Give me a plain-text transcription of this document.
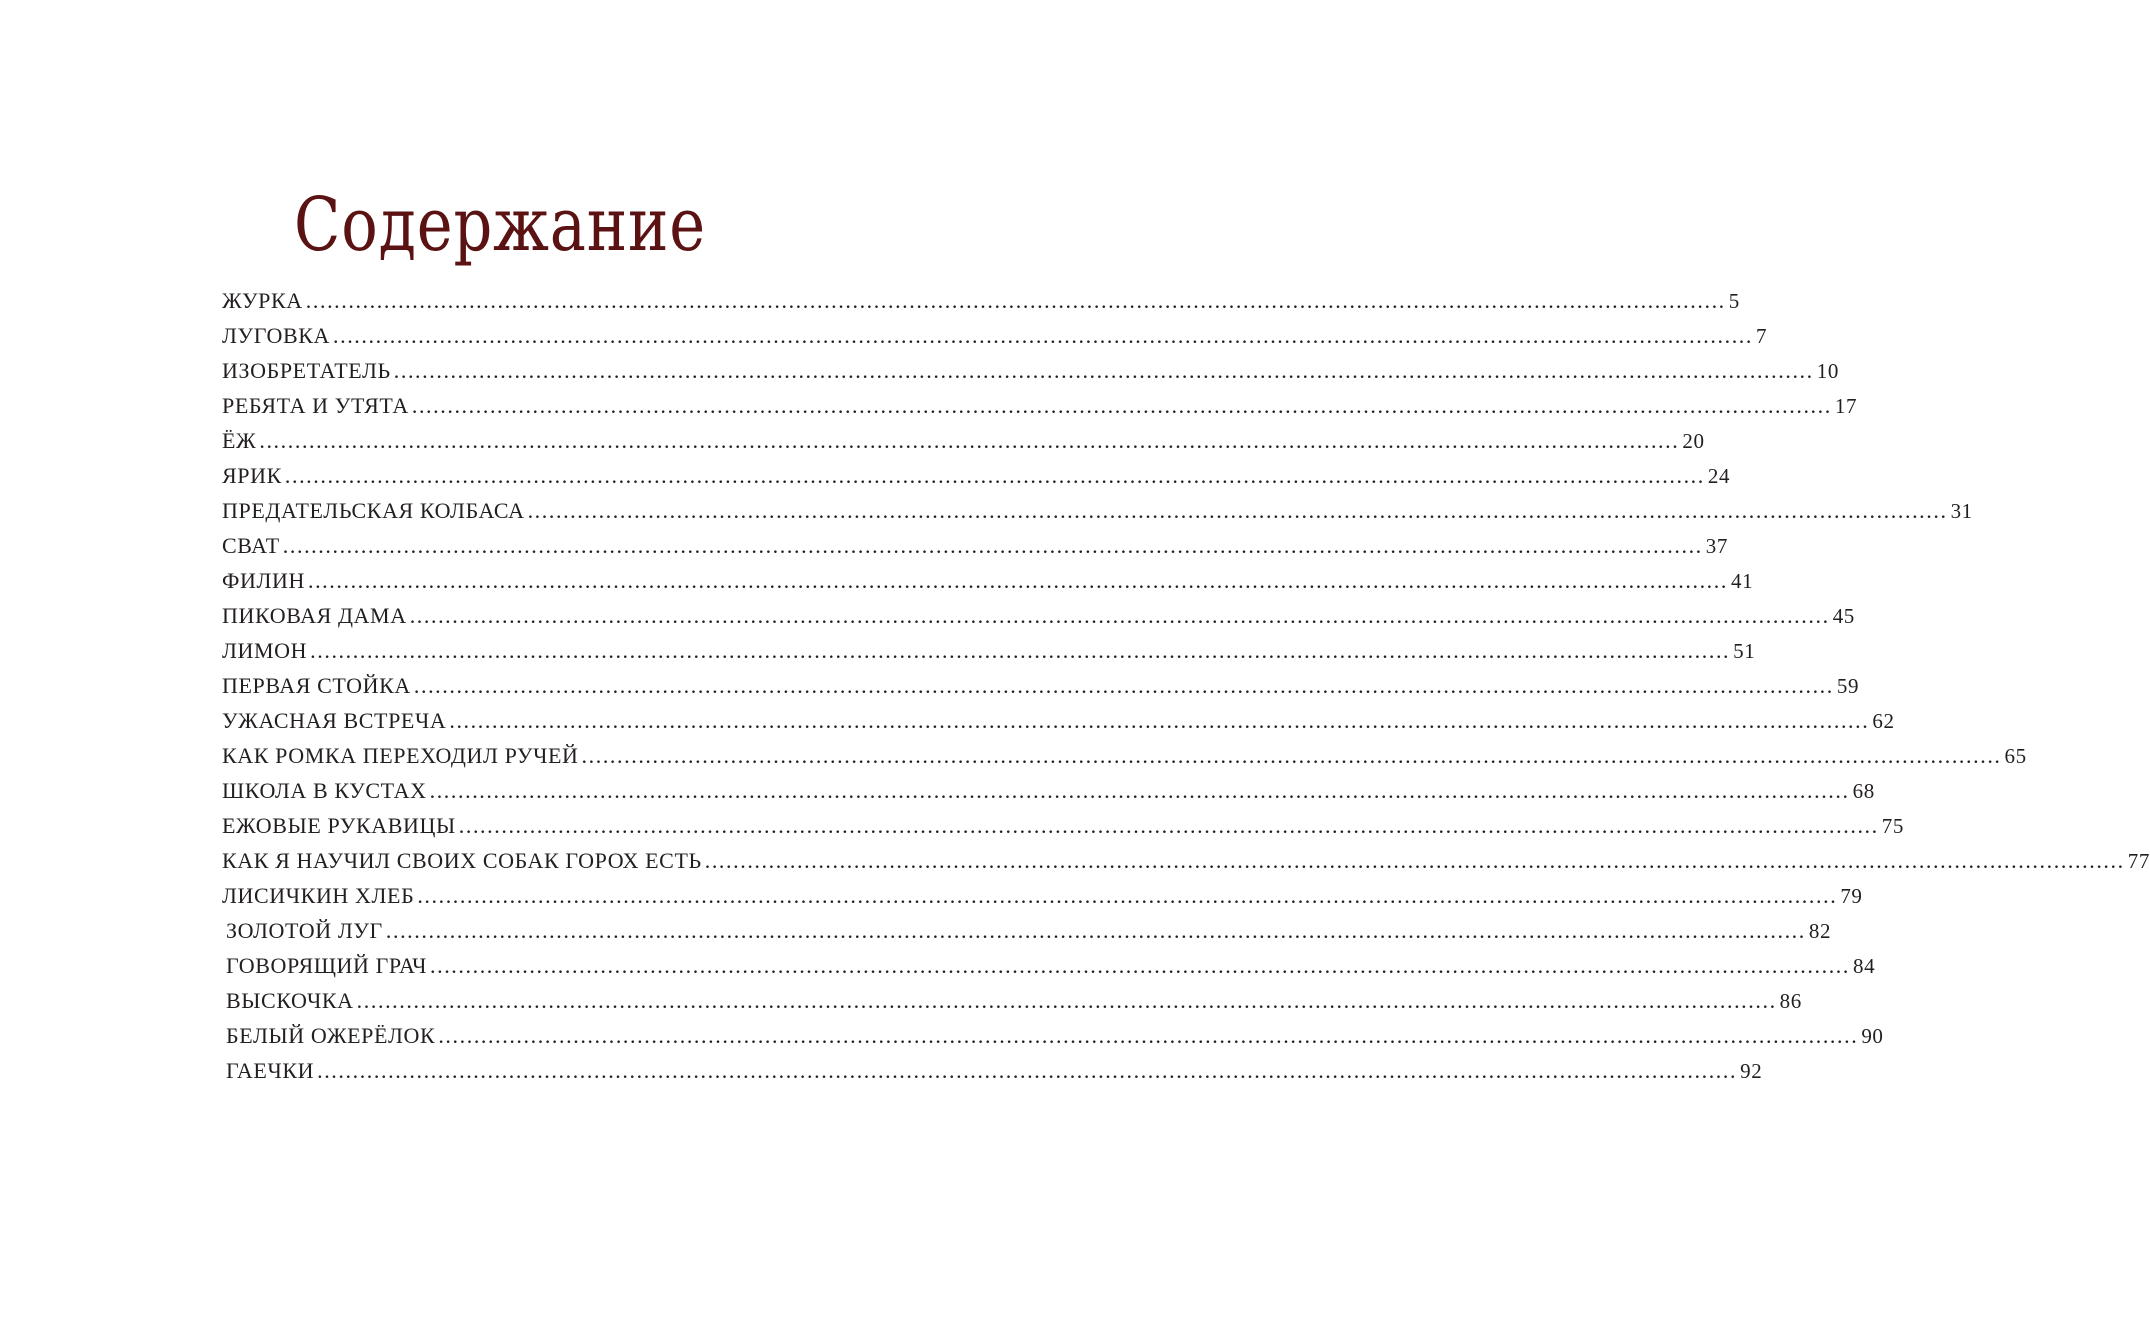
Содержание
ЖУРКА ........................................................................................................................................................................................................ 5
ЛУГОВКА ........................................................................................................................................................................................................ 7
ИЗОБРЕТАТЕЛЬ ........................................................................................................................................................................................................ 10
РЕБЯТА И УТЯТА ........................................................................................................................................................................................................ 17
ЁЖ ........................................................................................................................................................................................................ 20
ЯРИК ........................................................................................................................................................................................................ 24
ПРЕДАТЕЛЬСКАЯ КОЛБАСА ........................................................................................................................................................................................................ 31
СВАТ ........................................................................................................................................................................................................ 37
ФИЛИН ........................................................................................................................................................................................................ 41
ПИКОВАЯ ДАМА ........................................................................................................................................................................................................ 45
ЛИМОН ........................................................................................................................................................................................................ 51
ПЕРВАЯ СТОЙКА ........................................................................................................................................................................................................ 59
УЖАСНАЯ ВСТРЕЧА ........................................................................................................................................................................................................ 62
КАК РОМКА ПЕРЕХОДИЛ РУЧЕЙ ........................................................................................................................................................................................................ 65
ШКОЛА В КУСТАХ ........................................................................................................................................................................................................ 68
ЕЖОВЫЕ РУКАВИЦЫ ........................................................................................................................................................................................................ 75
КАК Я НАУЧИЛ СВОИХ СОБАК ГОРОХ ЕСТЬ ........................................................................................................................................................................................................ 77
ЛИСИЧКИН ХЛЕБ ........................................................................................................................................................................................................ 79
ЗОЛОТОЙ ЛУГ ........................................................................................................................................................................................................ 82
ГОВОРЯЩИЙ ГРАЧ ........................................................................................................................................................................................................ 84
ВЫСКОЧКА ........................................................................................................................................................................................................ 86
БЕЛЫЙ ОЖЕРЁЛОК ........................................................................................................................................................................................................ 90
ГАЕЧКИ ........................................................................................................................................................................................................ 92
